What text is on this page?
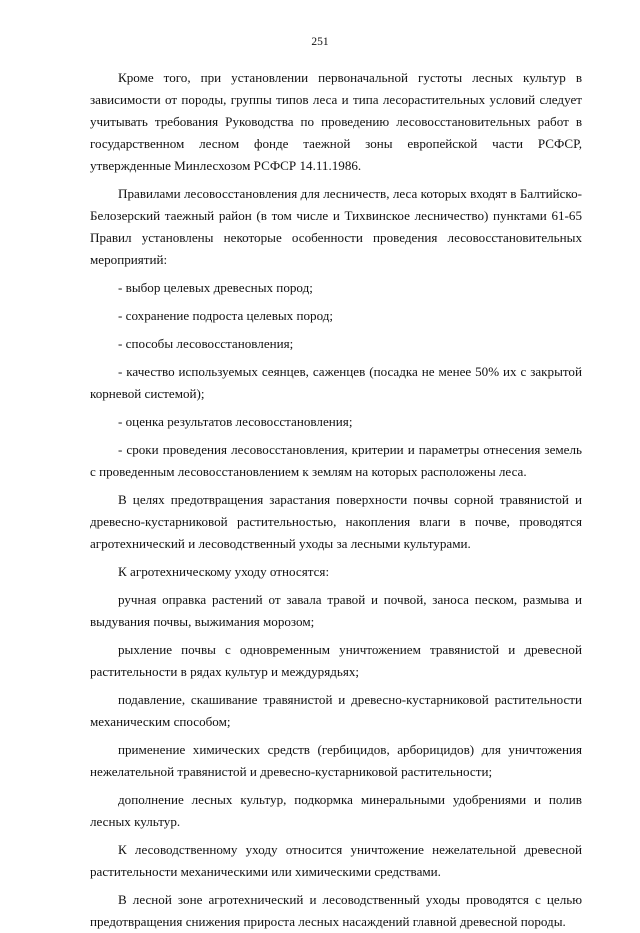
251

Кроме того, при установлении первоначальной густоты лесных культур в зависимости от породы, группы типов леса и типа лесорастительных условий следует учитывать требования Руководства по проведению лесовосстановительных работ в государственном лесном фонде таежной зоны европейской части РСФСР, утвержденные Минлесхозом РСФСР 14.11.1986.

Правилами лесовосстановления для лесничеств, леса которых входят в Балтийско-Белозерский таежный район (в том числе и Тихвинское лесничество) пунктами 61-65 Правил установлены некоторые особенности проведения лесовосстановительных мероприятий:

- выбор целевых древесных пород;

- сохранение подроста целевых пород;

- способы лесовосстановления;

- качество используемых сеянцев, саженцев (посадка не менее 50% их с закрытой корневой системой);

- оценка результатов лесовосстановления;

- сроки проведения лесовосстановления, критерии и параметры отнесения земель с проведенным лесовосстановлением к землям на которых расположены леса.

В целях предотвращения зарастания поверхности почвы сорной травянистой и древесно-кустарниковой растительностью, накопления влаги в почве, проводятся агротехнический и лесоводственный уходы за лесными культурами.

К агротехническому уходу относятся:

ручная оправка растений от завала травой и почвой, заноса песком, размыва и выдувания почвы, выжимания морозом;

рыхление почвы с одновременным уничтожением травянистой и древесной растительности в рядах культур и междурядьях;

подавление, скашивание травянистой и древесно-кустарниковой растительности механическим способом;

применение химических средств (гербицидов, арборицидов) для уничтожения нежелательной травянистой и древесно-кустарниковой растительности;

дополнение лесных культур, подкормка минеральными удобрениями и полив лесных культур.

К лесоводственному уходу относится уничтожение нежелательной древесной растительности механическими или химическими средствами.

В лесной зоне агротехнический и лесоводственный уходы проводятся с целью предотвращения снижения прироста лесных насаждений главной древесной породы.
